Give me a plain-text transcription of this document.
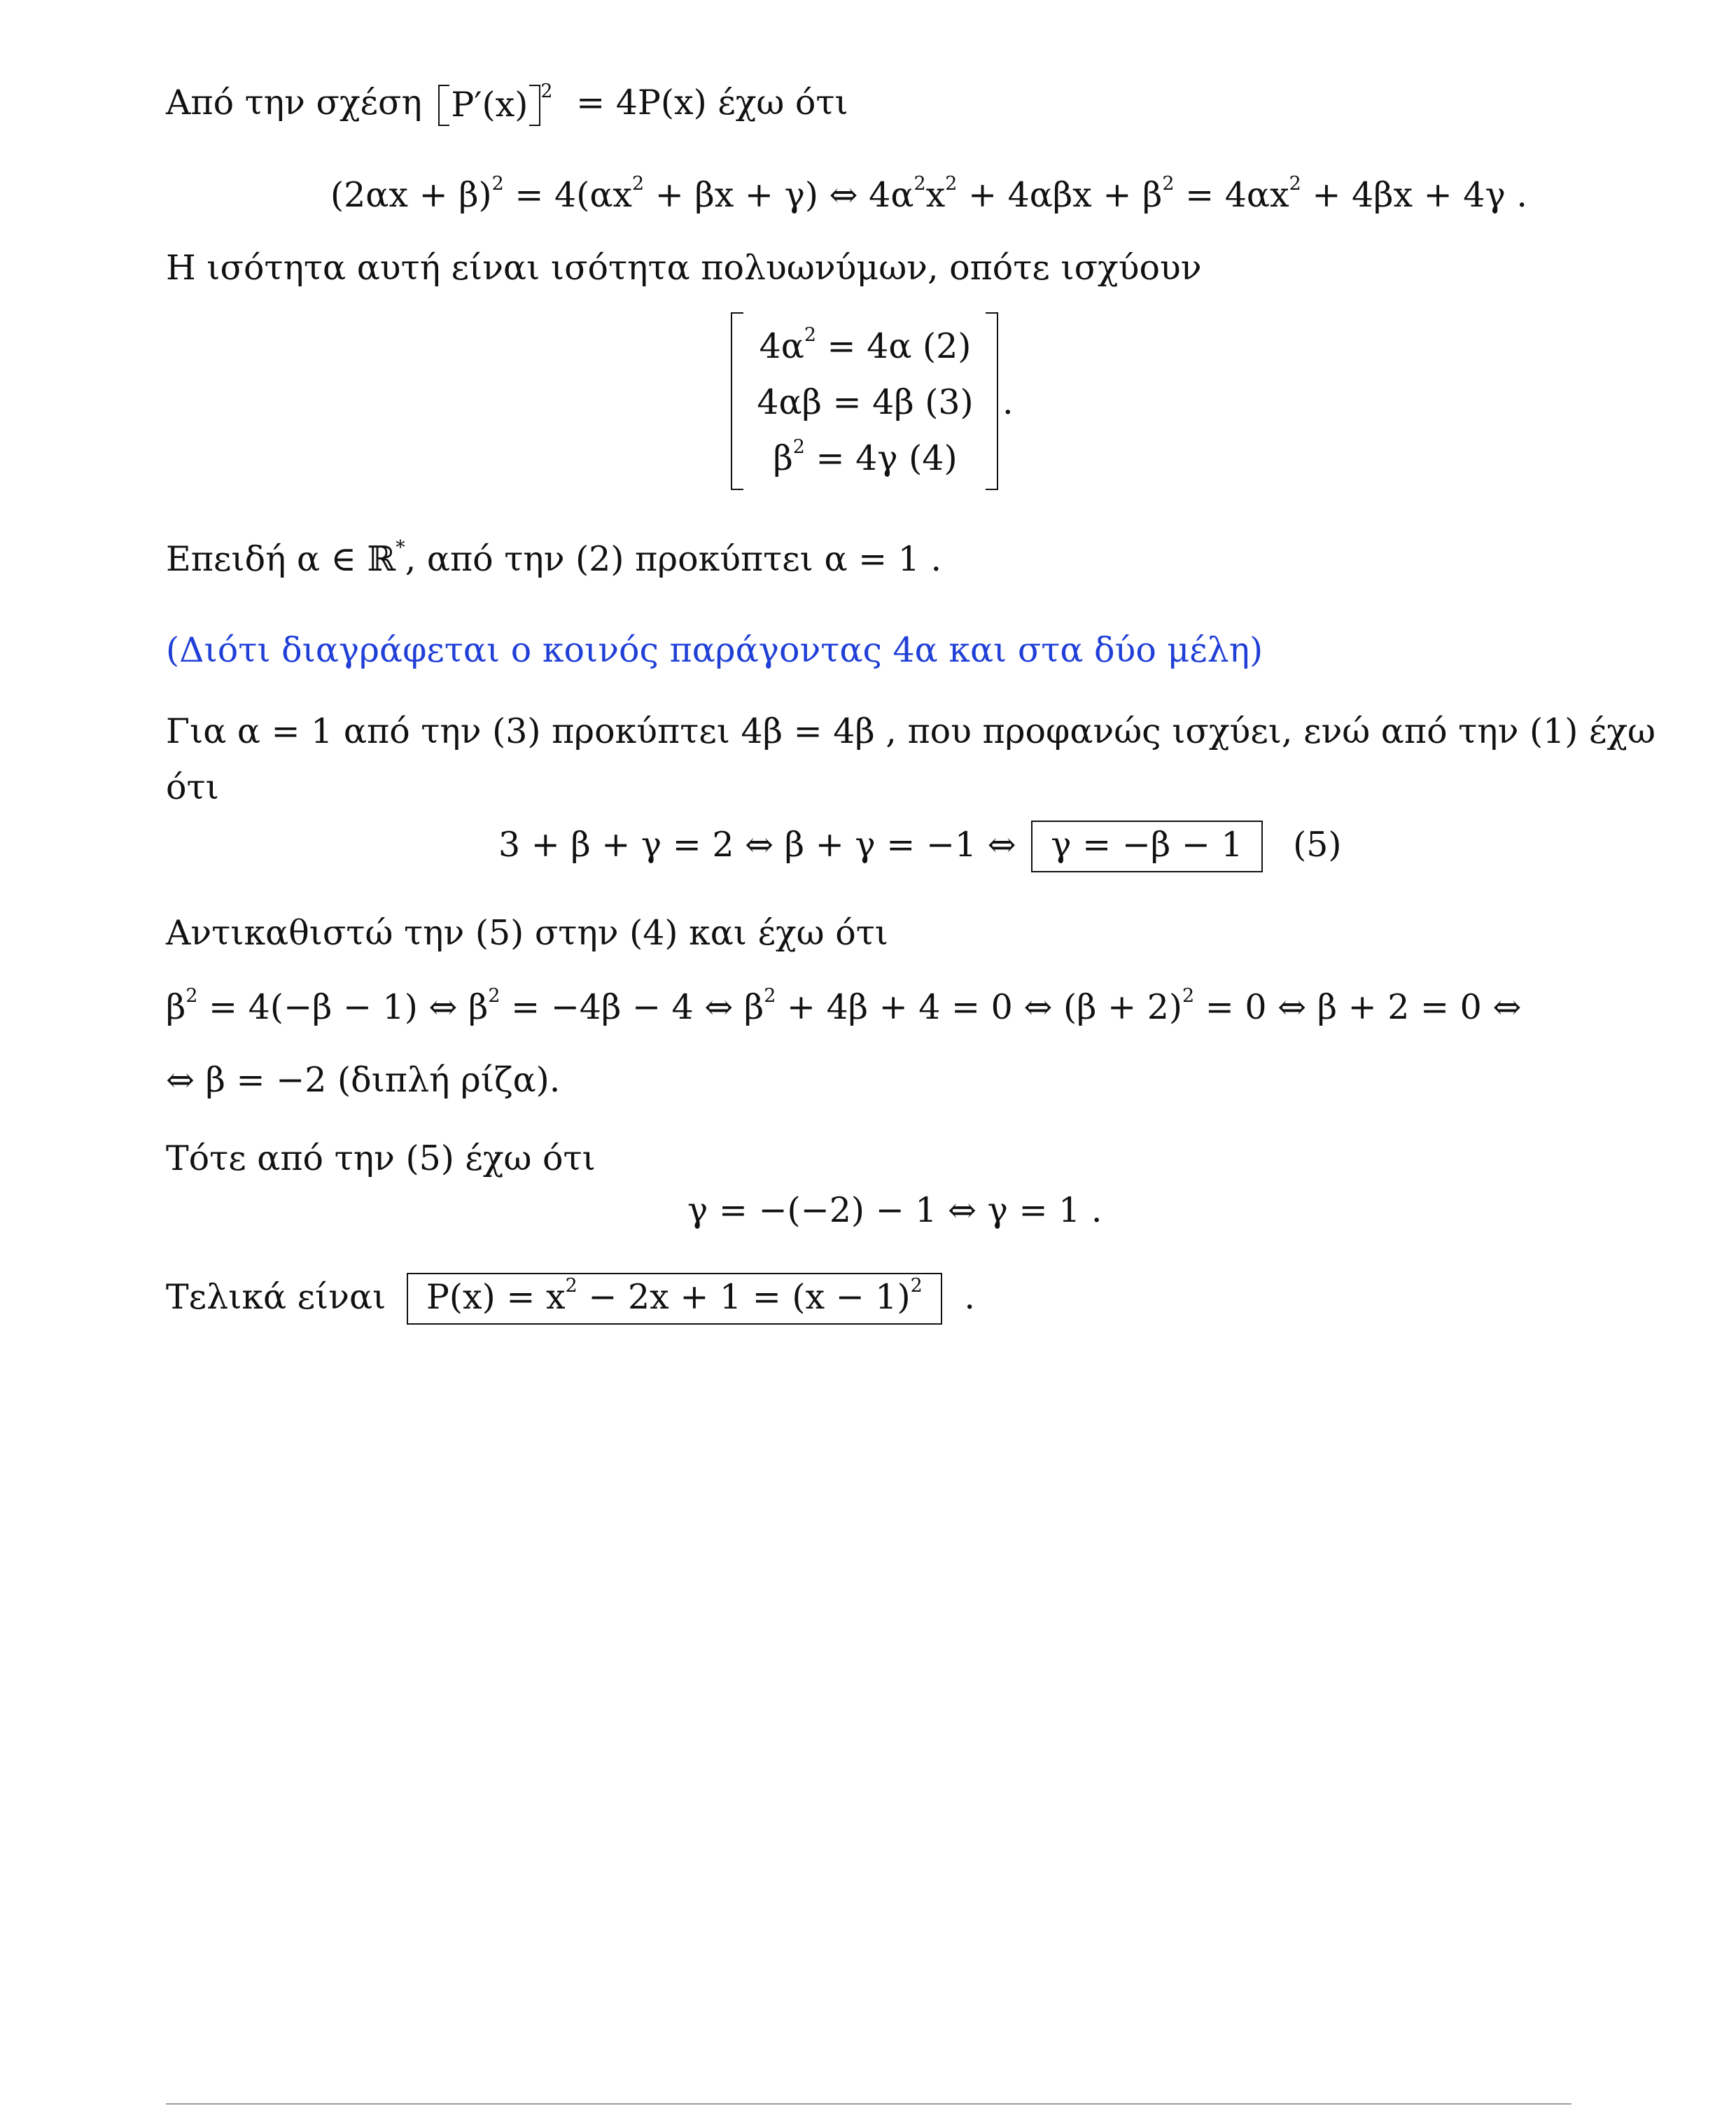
Από την σχέση P′(x) $^2$ = 4P(x) έχω ότι
$(2\alpha x + \beta)^2 = 4(\alpha x^2 + \beta x + \gamma)$ ⇔ $4\alpha^2x^2 + 4\alpha\beta x + \beta^2 = 4\alpha x^2 + 4\beta x + 4\gamma$ .
Η ισότητα αυτή είναι ισότητα πολυωνύμων, οπότε ισχύουν
$4\alpha^2 = 4\alpha$ (2)
4αβ = 4β (3)
$\beta^2 = 4\gamma$ (4)
.
Επειδή α ∈ ℝ*, από την (2) προκύπτει α = 1 .
(Διότι διαγράφεται ο κοινός παράγοντας 4α και στα δύο μέλη)
Για α = 1 από την (3) προκύπτει 4β = 4β , που προφανώς ισχύει, ενώ από την (1) έχω
ότι
3 + β + γ = 2 ⇔ β + γ = −1 ⇔ γ = −β − 1 (5)
Αντικαθιστώ την (5) στην (4) και έχω ότι
$\beta^2 = 4(-\beta - 1)$ ⇔ $\beta^2 = -4\beta - 4$ ⇔ $\beta^2 + 4\beta + 4 = 0$ ⇔ $(\beta + 2)^2 = 0$ ⇔ β + 2 = 0 ⇔
⇔ β = −2 (διπλή ρίζα).
Τότε από την (5) έχω ότι
γ = −(−2) − 1 ⇔ γ = 1 .
Τελικά είναι $P(x) = x^2 - 2x + 1 = (x - 1)^2$ .
